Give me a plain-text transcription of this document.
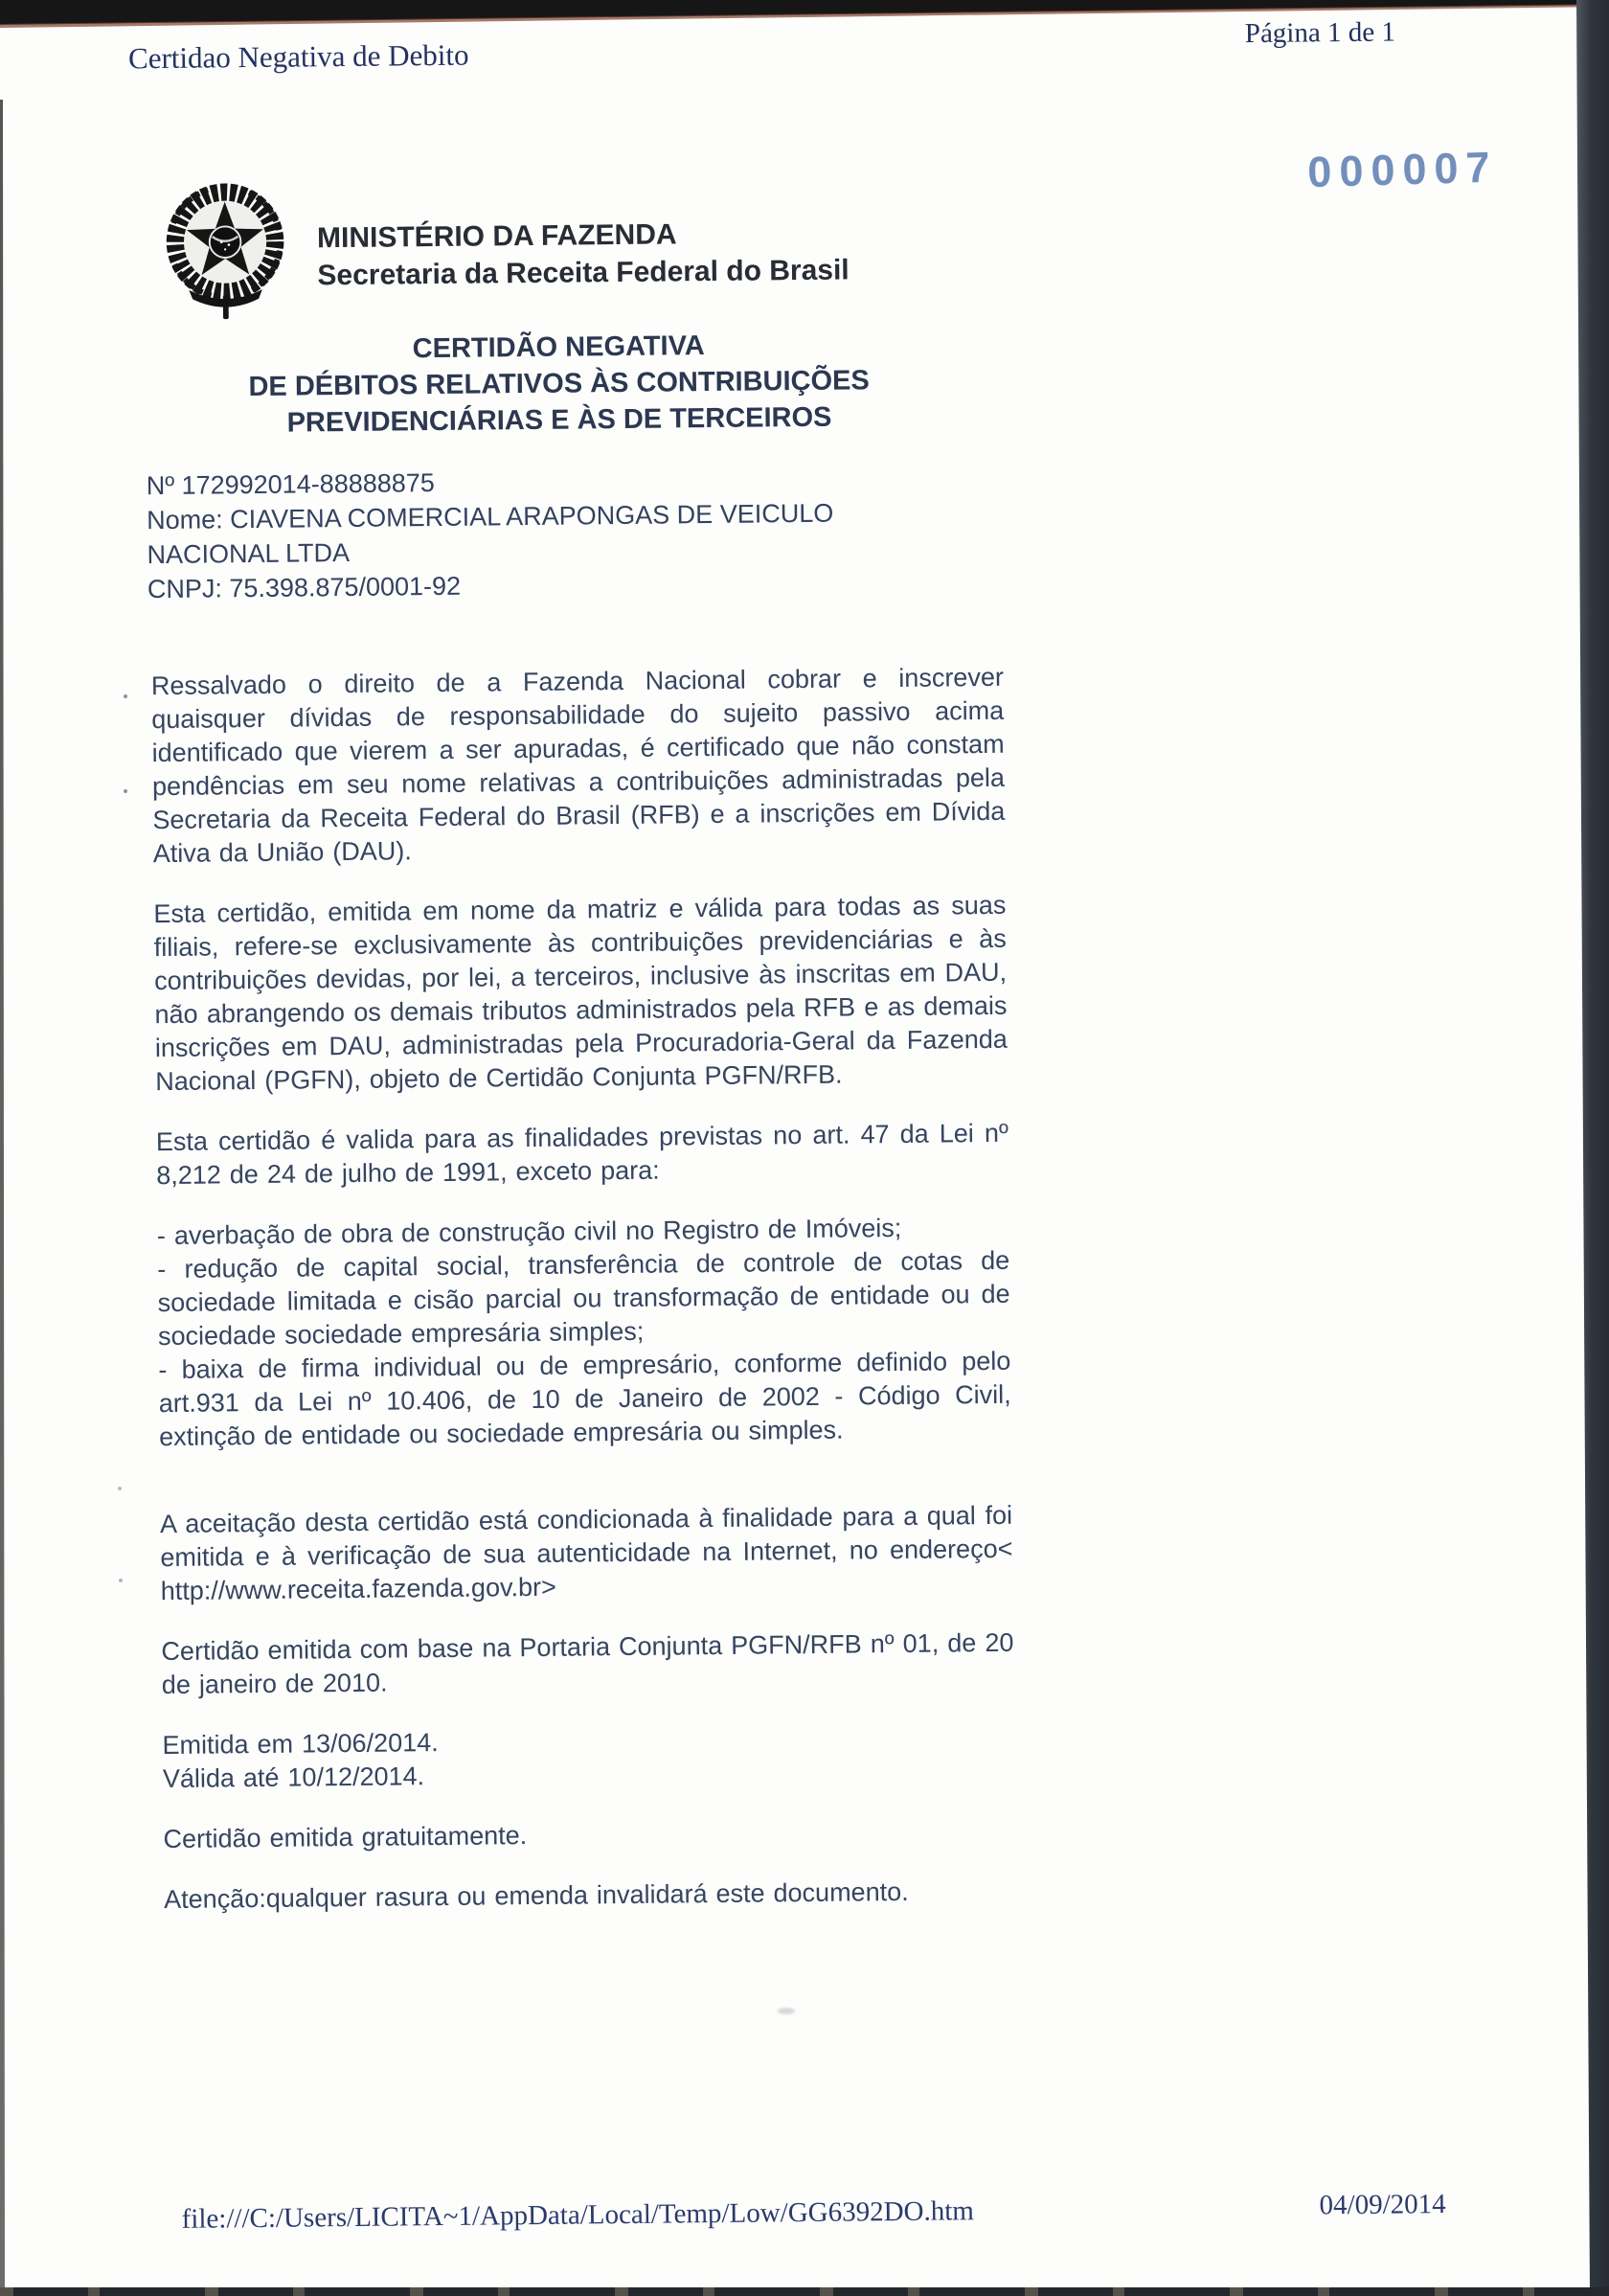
Certidao Negativa de Debito
Página 1 de 1
000007
MINISTÉRIO DA FAZENDA
Secretaria da Receita Federal do Brasil
CERTIDÃO NEGATIVA
DE DÉBITOS RELATIVOS ÀS CONTRIBUIÇÕES
PREVIDENCIÁRIAS E ÀS DE TERCEIROS
Nº 172992014-88888875
Nome: CIAVENA COMERCIAL ARAPONGAS DE VEICULO
NACIONAL LTDA
CNPJ: 75.398.875/0001-92

Ressalvado o direito de a Fazenda Nacional cobrar e inscrever quaisquer dívidas de responsabilidade do sujeito passivo acima identificado que vierem a ser apuradas, é certificado que não constam pendências em seu nome relativas a contribuições administradas pela Secretaria da Receita Federal do Brasil (RFB) e a inscrições em Dívida Ativa da União (DAU).

Esta certidão, emitida em nome da matriz e válida para todas as suas filiais, refere-se exclusivamente às contribuições previdenciárias e às contribuições devidas, por lei, a terceiros, inclusive às inscritas em DAU, não abrangendo os demais tributos administrados pela RFB e as demais inscrições em DAU, administradas pela Procuradoria-Geral da Fazenda Nacional (PGFN), objeto de Certidão Conjunta PGFN/RFB.

Esta certidão é valida para as finalidades previstas no art. 47 da Lei nº 8,212 de 24 de julho de 1991, exceto para:

- averbação de obra de construção civil no Registro de Imóveis;

- redução de capital social, transferência de controle de cotas de sociedade limitada e cisão parcial ou transformação de entidade ou de sociedade sociedade empresária simples;

- baixa de firma individual ou de empresário, conforme definido pelo art.931 da Lei nº 10.406, de 10 de Janeiro de 2002 - Código Civil, extinção de entidade ou sociedade empresária ou simples.

A aceitação desta certidão está condicionada à finalidade para a qual foi emitida e à verificação de sua autenticidade na Internet, no endereço< http://www.receita.fazenda.gov.br>

Certidão emitida com base na Portaria Conjunta PGFN/RFB nº 01, de 20 de janeiro de 2010.

Emitida em 13/06/2014.

Válida até 10/12/2014.

Certidão emitida gratuitamente.

Atenção:qualquer rasura ou emenda invalidará este documento.

file:///C:/Users/LICITA~1/AppData/Local/Temp/Low/GG6392DO.htm	04/09/2014
